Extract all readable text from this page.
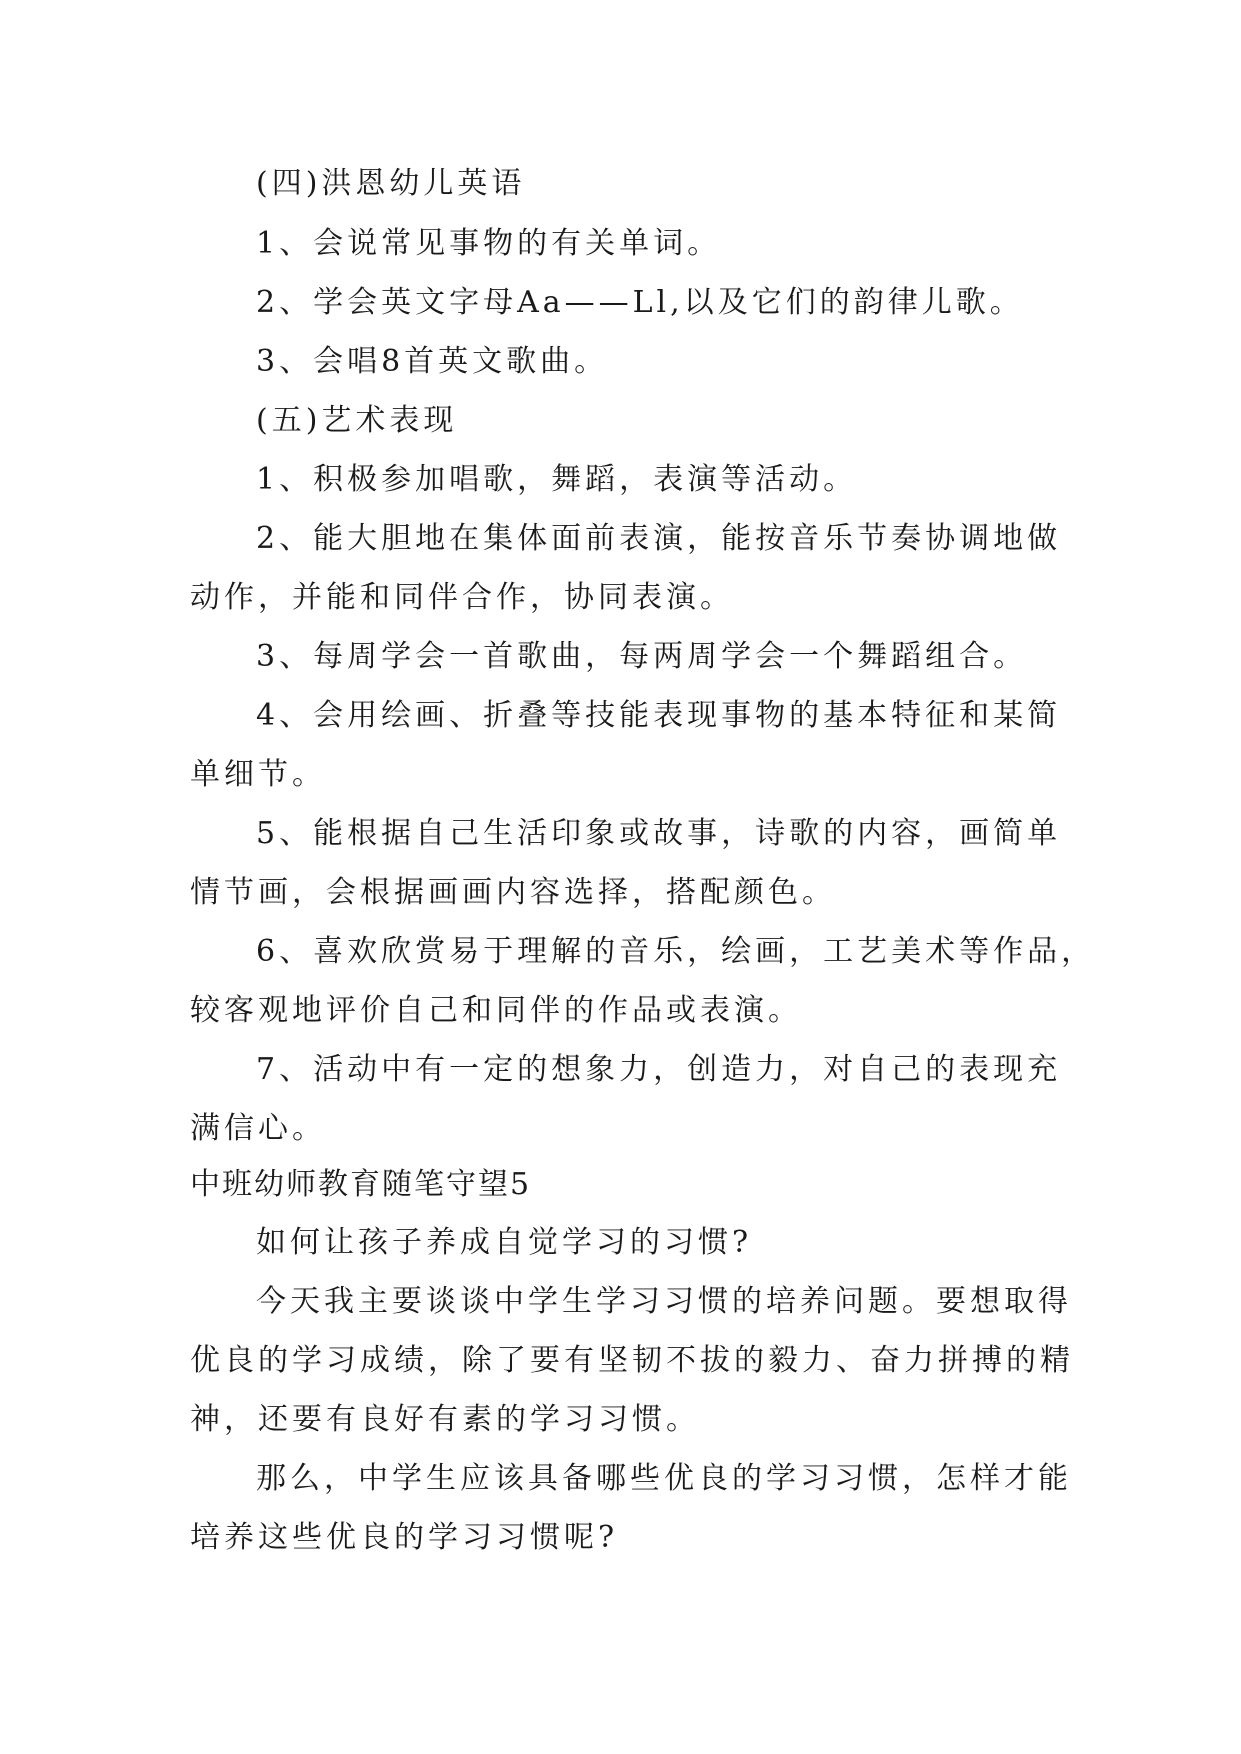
(四)洪恩幼儿英语
1、会说常见事物的有关单词。
2、学会英文字母Aa——Ll,以及它们的韵律儿歌。
3、会唱8首英文歌曲。
(五)艺术表现
1、积极参加唱歌，舞蹈，表演等活动。
2、能大胆地在集体面前表演，能按音乐节奏协调地做
动作，并能和同伴合作，协同表演。
3、每周学会一首歌曲，每两周学会一个舞蹈组合。
4、会用绘画、折叠等技能表现事物的基本特征和某简
单细节。
5、能根据自己生活印象或故事，诗歌的内容，画简单
情节画，会根据画画内容选择，搭配颜色。
6、喜欢欣赏易于理解的音乐，绘画，工艺美术等作品，
较客观地评价自己和同伴的作品或表演。
7、活动中有一定的想象力，创造力，对自己的表现充
满信心。
中班幼师教育随笔守望5
如何让孩子养成自觉学习的习惯?
今天我主要谈谈中学生学习习惯的培养问题。要想取得
优良的学习成绩，除了要有坚韧不拔的毅力、奋力拼搏的精
神，还要有良好有素的学习习惯。
那么，中学生应该具备哪些优良的学习习惯，怎样才能
培养这些优良的学习习惯呢?
